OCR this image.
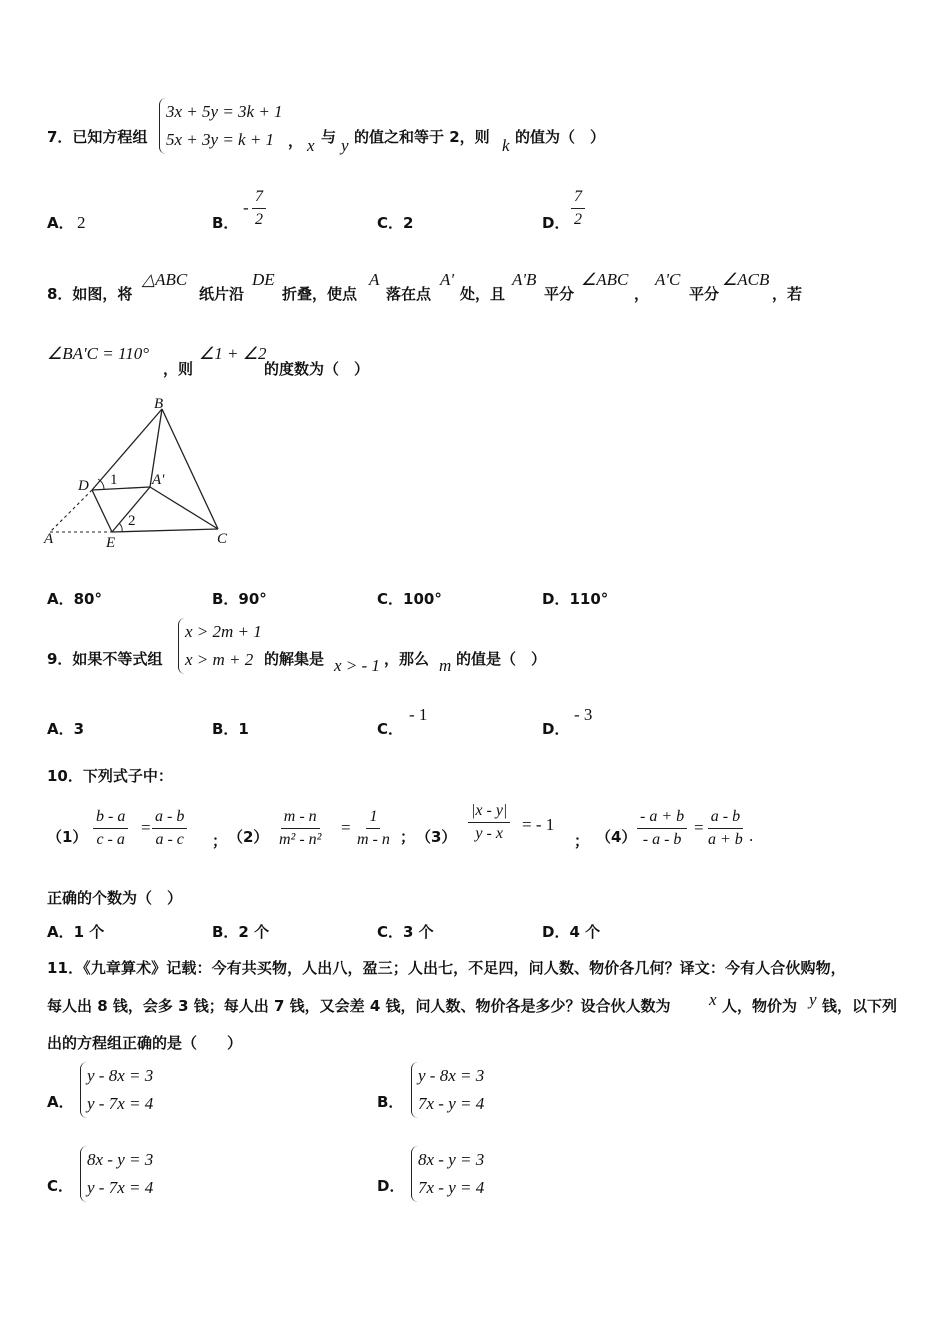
7．已知方程组
3x + 5y = 3k + 1
5x + 3y = k + 1 ， x 与 y 的值之和等于 2，则 k 的值为（　）
A． 2	B．
- $\frac{7}{2}$	C．2	D． $\frac{7}{2}$
8．如图，将
△ABC
纸片沿
DE
折叠，使点
A
落在点
A'
处，且
A'B
平分
∠ABC
，
A'C
平分
∠ACB
，若
∠BA'C = 110°
，则
∠1 + ∠2
的度数为（　）
B
D 1 A'
2
A	E	C
A．80°	B．90°	C．100°	D．110°
9．如果不等式组
x > 2m + 1
x > m + 2 的解集是 x > - 1 ，那么 m 的值是（　）
A．3	B．1	C．
- 1
D．
- 3
10．下列式子中：
$(1) \frac{b - a}{c - a} = \frac{a - b}{a - c}$ ； $(2) \frac{m - n}{\text{m² - n²}} = \frac{1}{m - n}$ ； $(3) \frac{|x - y|}{y - x}$ = - 1
； $(4) \frac{- a + b}{- a - b} = \frac{a - b}{a + b}$ .
正确的个数为（　）
A．1 个	B．2 个	C．3 个	D．4 个
11．《九章算术》记载：今有共买物，人出八，盈三；人出七，不足四，问人数、物价各几何？译文：今有人合伙购物，
每人出 8 钱，会多 3 钱；每人出 7 钱，又会差 4 钱，问人数、物价各是多少？设合伙人数为 x 人，物价为 y 钱，以下列
出的方程组正确的是（　　）
A．
y - 8x = 3
y - 7x = 4	B．
y - 8x = 3
7x - y = 4
C．
8x - y = 3
y - 7x = 4	D．
8x - y = 3
7x - y = 4
